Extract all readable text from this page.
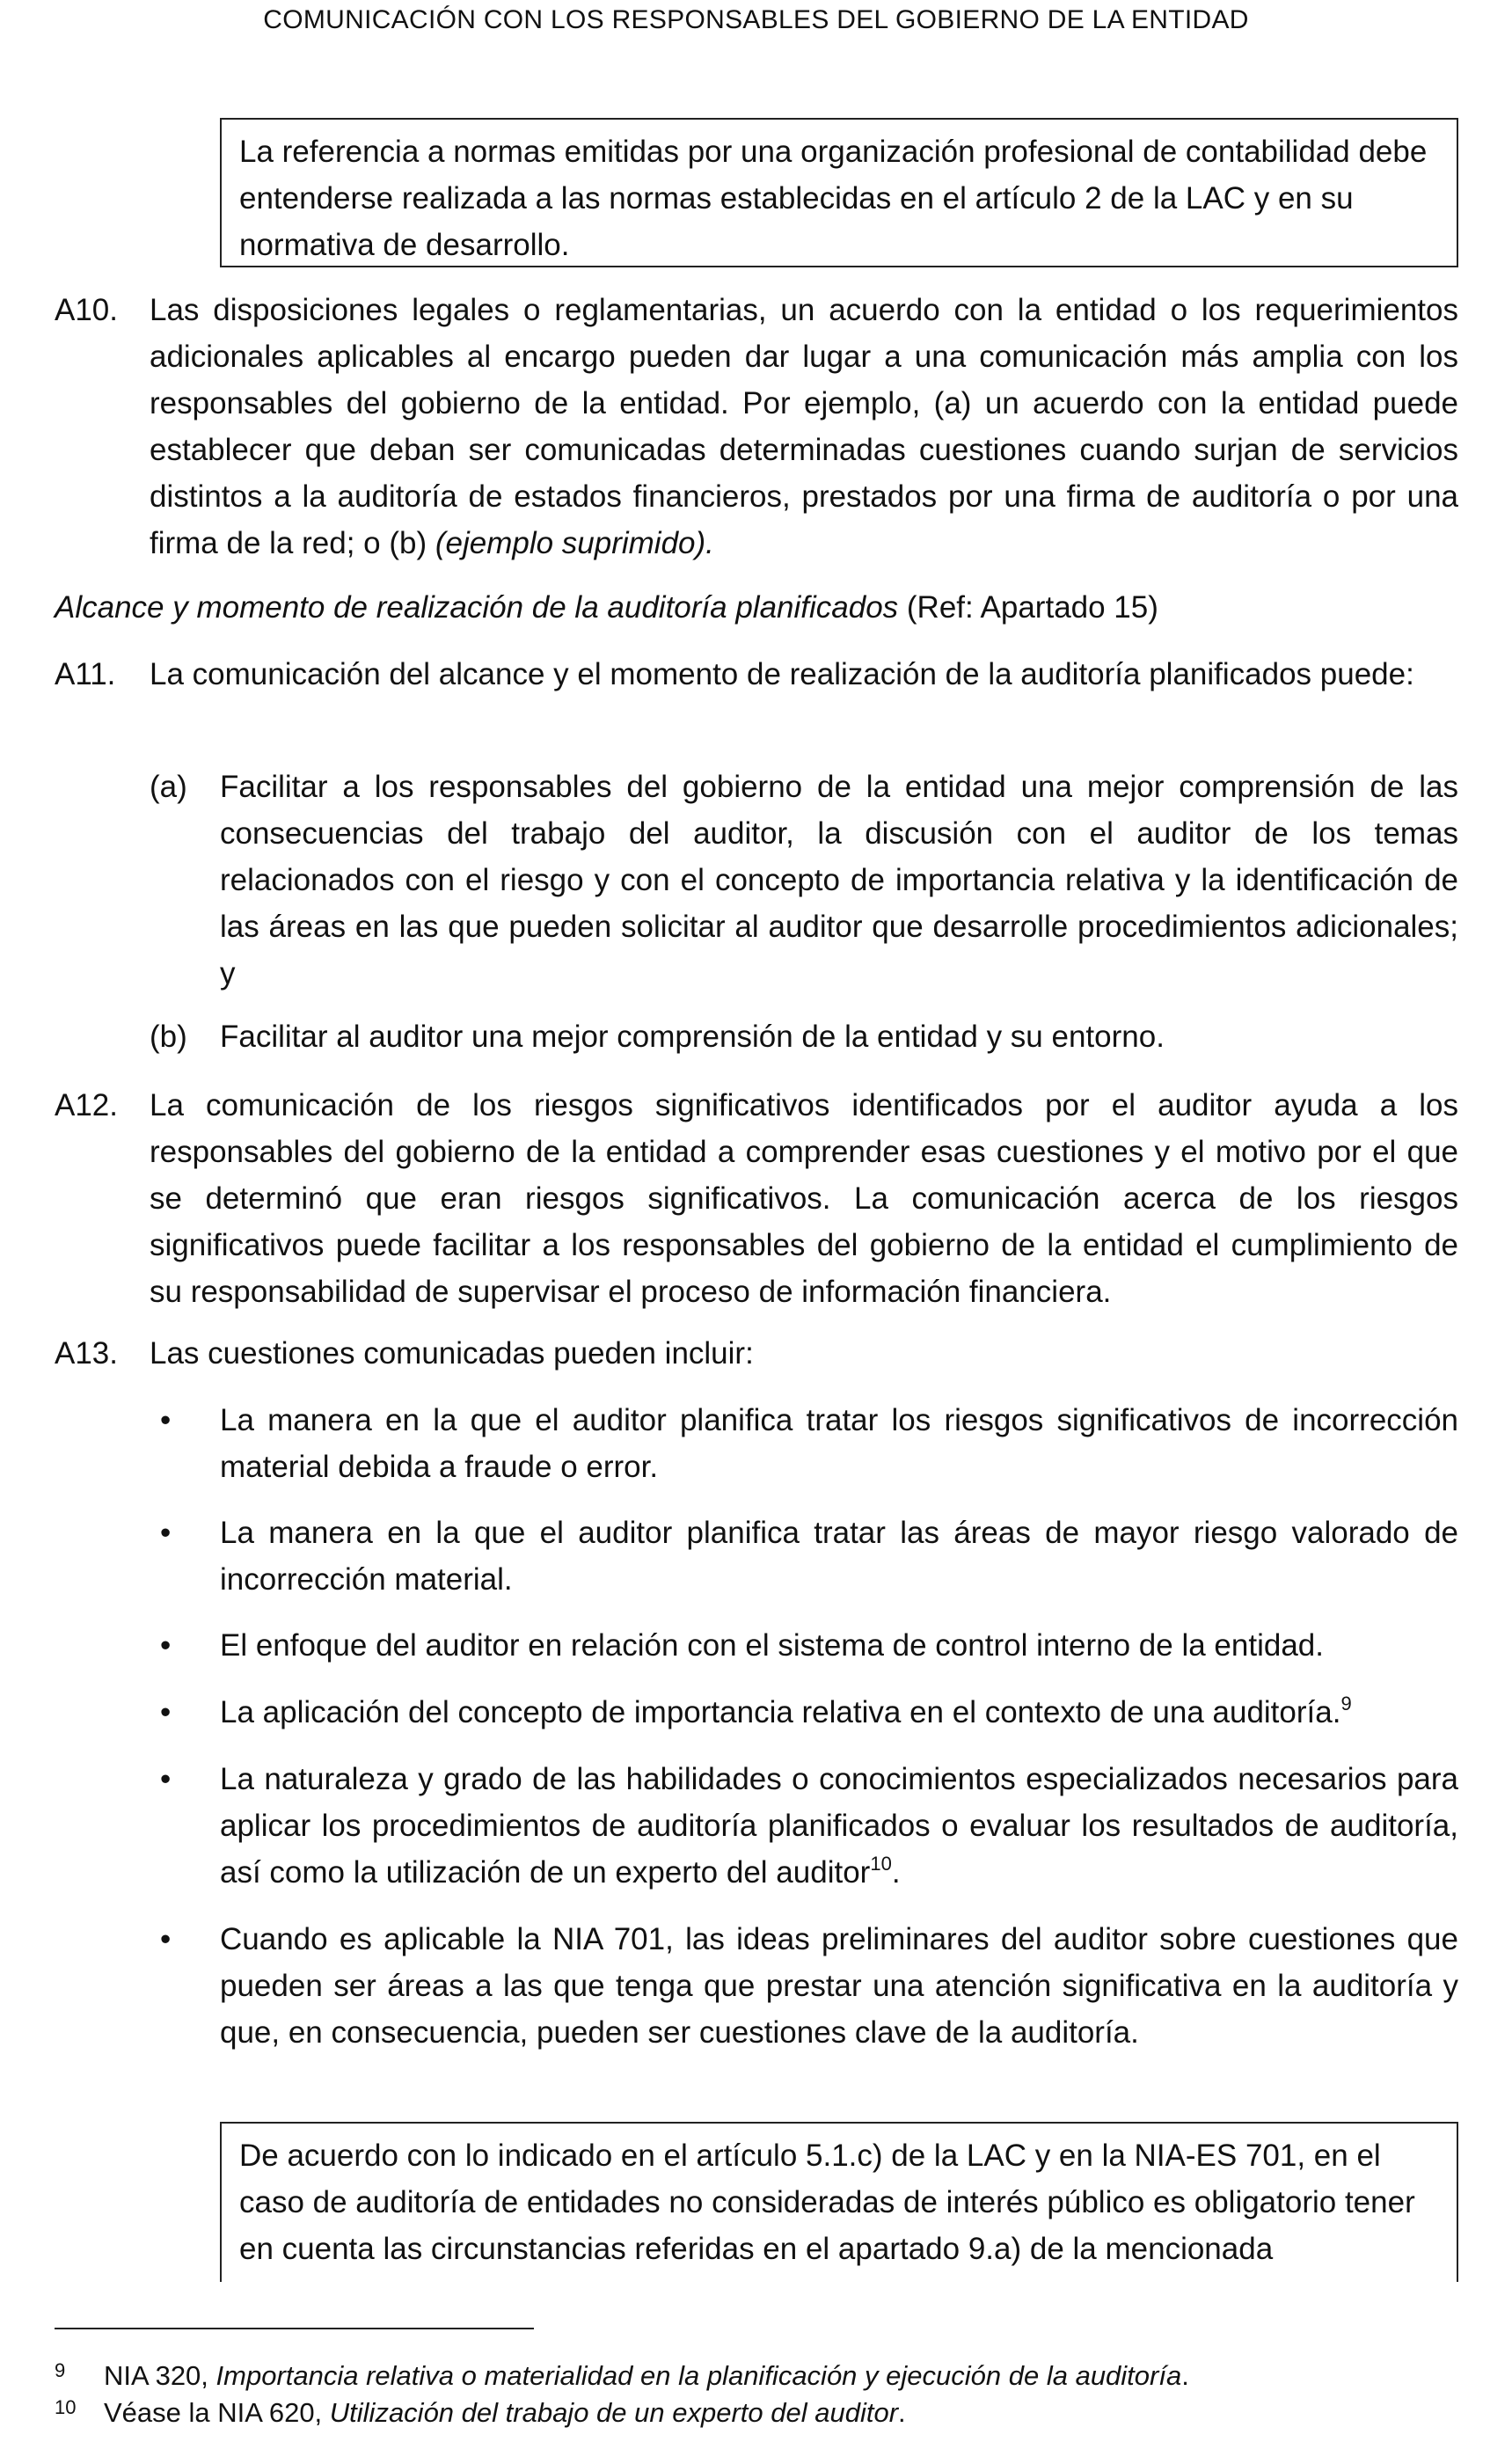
COMUNICACIÓN CON LOS RESPONSABLES DEL GOBIERNO DE LA ENTIDAD
La referencia a normas emitidas por una organización profesional de contabilidad debe entenderse realizada a las normas establecidas en el artículo 2 de la LAC y en su normativa de desarrollo.
A10. Las disposiciones legales o reglamentarias, un acuerdo con la entidad o los requerimientos adicionales aplicables al encargo pueden dar lugar a una comunicación más amplia con los responsables del gobierno de la entidad. Por ejemplo, (a) un acuerdo con la entidad puede establecer que deban ser comunicadas determinadas cuestiones cuando surjan de servicios distintos a la auditoría de estados financieros, prestados por una firma de auditoría o por una firma de la red; o (b) (ejemplo suprimido).
Alcance y momento de realización de la auditoría planificados (Ref: Apartado 15)
A11. La comunicación del alcance y el momento de realización de la auditoría planificados puede:
(a) Facilitar a los responsables del gobierno de la entidad una mejor comprensión de las consecuencias del trabajo del auditor, la discusión con el auditor de los temas relacionados con el riesgo y con el concepto de importancia relativa y la identificación de las áreas en las que pueden solicitar al auditor que desarrolle procedimientos adicionales; y
(b) Facilitar al auditor una mejor comprensión de la entidad y su entorno.
A12. La comunicación de los riesgos significativos identificados por el auditor ayuda a los responsables del gobierno de la entidad a comprender esas cuestiones y el motivo por el que se determinó que eran riesgos significativos. La comunicación acerca de los riesgos significativos puede facilitar a los responsables del gobierno de la entidad el cumplimiento de su responsabilidad de supervisar el proceso de información financiera.
A13. Las cuestiones comunicadas pueden incluir:
• La manera en la que el auditor planifica tratar los riesgos significativos de incorrección material debida a fraude o error.
• La manera en la que el auditor planifica tratar las áreas de mayor riesgo valorado de incorrección material.
• El enfoque del auditor en relación con el sistema de control interno de la entidad.
• La aplicación del concepto de importancia relativa en el contexto de una auditoría.$^9$
• La naturaleza y grado de las habilidades o conocimientos especializados necesarios para aplicar los procedimientos de auditoría planificados o evaluar los resultados de auditoría, así como la utilización de un experto del auditor$^{10}$.
• Cuando es aplicable la NIA 701, las ideas preliminares del auditor sobre cuestiones que pueden ser áreas a las que tenga que prestar una atención significativa en la auditoría y que, en consecuencia, pueden ser cuestiones clave de la auditoría.
De acuerdo con lo indicado en el artículo 5.1.c) de la LAC y en la NIA-ES 701, en el caso de auditoría de entidades no consideradas de interés público es obligatorio tener en cuenta las circunstancias referidas en el apartado 9.a) de la mencionada
9 NIA 320, Importancia relativa o materialidad en la planificación y ejecución de la auditoría.
10 Véase la NIA 620, Utilización del trabajo de un experto del auditor.
